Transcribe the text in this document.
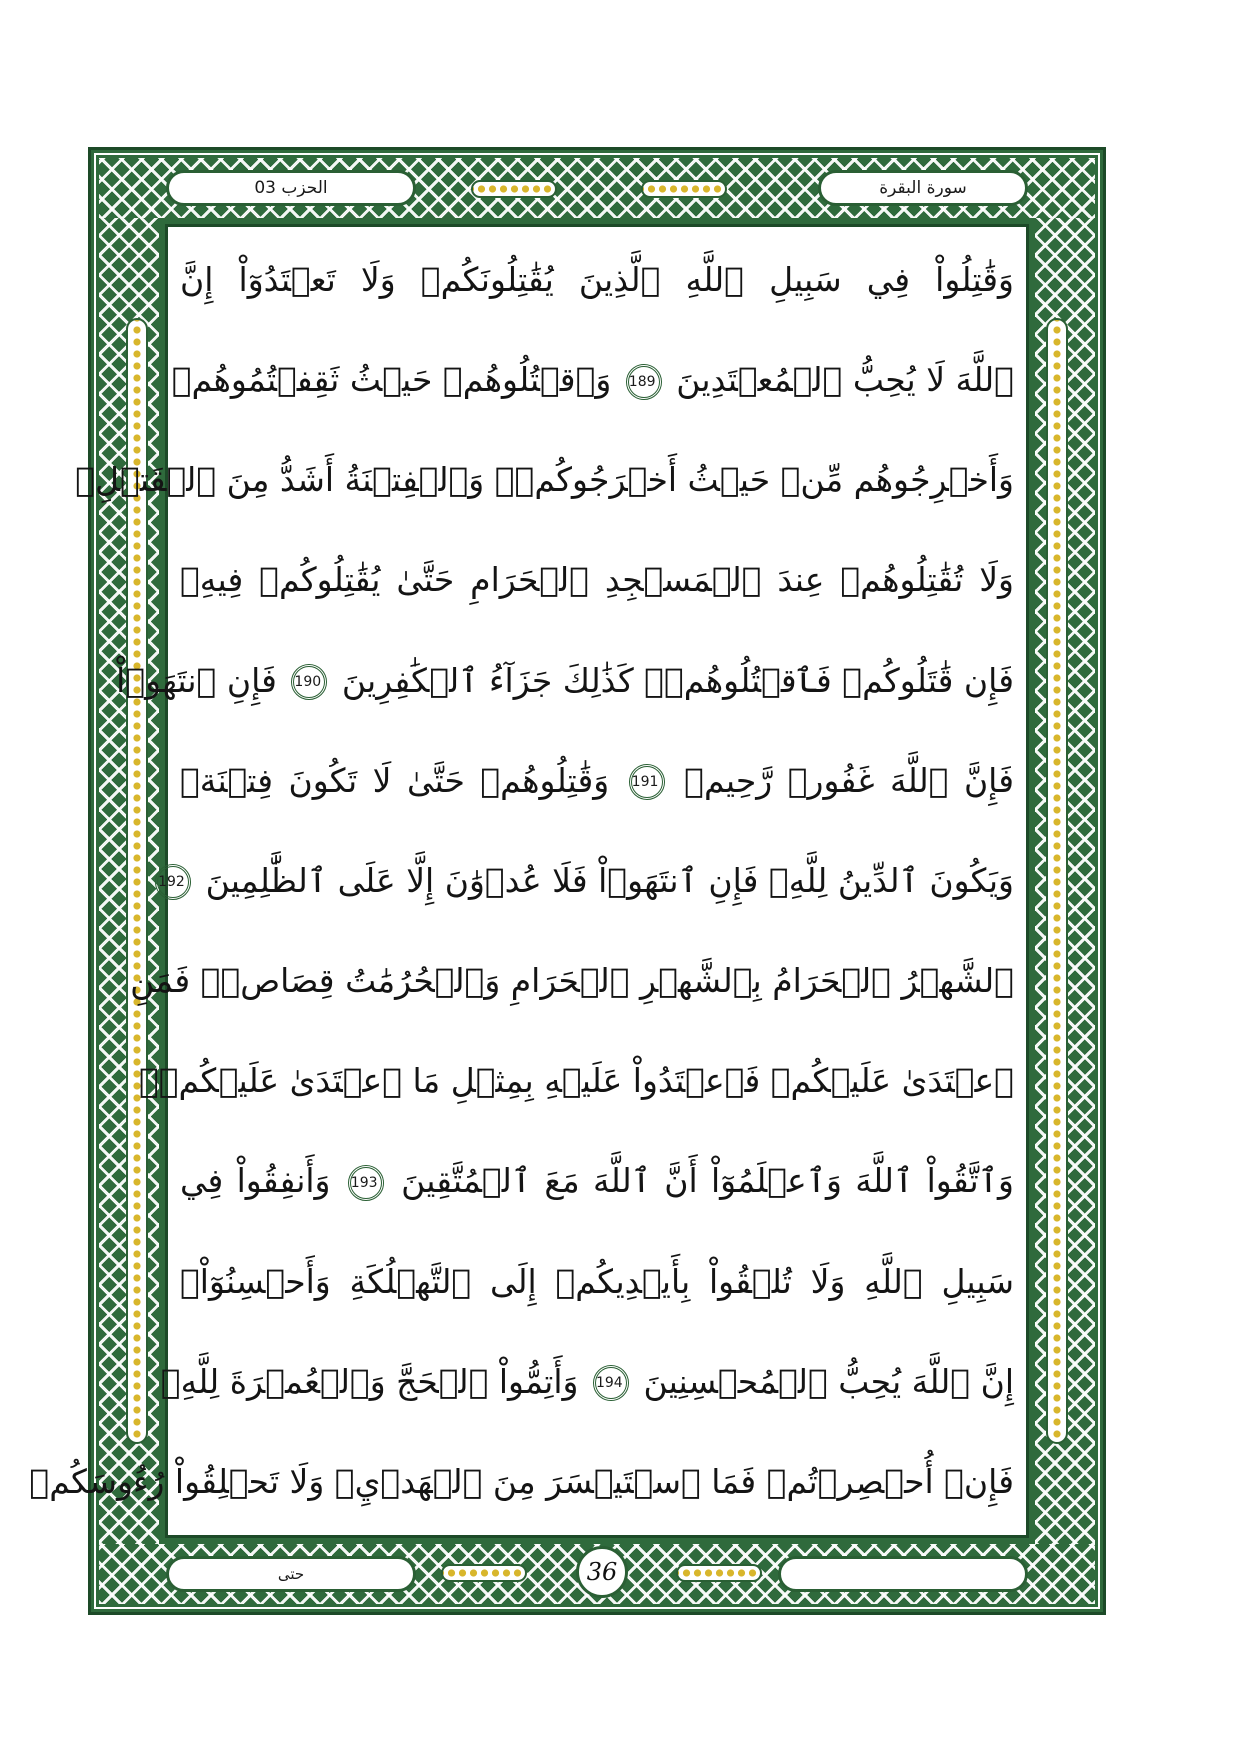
الحزب 03	سورة البقرة
وَقَٰتِلُواْ فِي سَبِيلِ ٱللَّهِ ٱلَّذِينَ يُقَٰتِلُونَكُمۡ وَلَا تَعۡتَدُوٓاْ إِنَّ
ٱللَّهَ لَا يُحِبُّ ٱلۡمُعۡتَدِينَ 189 وَٱقۡتُلُوهُمۡ حَيۡثُ ثَقِفۡتُمُوهُمۡ
وَأَخۡرِجُوهُم مِّنۡ حَيۡثُ أَخۡرَجُوكُمۡۚ وَٱلۡفِتۡنَةُ أَشَدُّ مِنَ ٱلۡقَتۡلِۚ
وَلَا تُقَٰتِلُوهُمۡ عِندَ ٱلۡمَسۡجِدِ ٱلۡحَرَامِ حَتَّىٰ يُقَٰتِلُوكُمۡ فِيهِۖ
فَإِن قَٰتَلُوكُمۡ فَٱقۡتُلُوهُمۡۗ كَذَٰلِكَ جَزَآءُ ٱلۡكَٰفِرِينَ 190 فَإِنِ ٱنتَهَوۡاْ
فَإِنَّ ٱللَّهَ غَفُورٞ رَّحِيمٞ 191 وَقَٰتِلُوهُمۡ حَتَّىٰ لَا تَكُونَ فِتۡنَةٞ
وَيَكُونَ ٱلدِّينُ لِلَّهِۖ فَإِنِ ٱنتَهَوۡاْ فَلَا عُدۡوَٰنَ إِلَّا عَلَى ٱلظَّٰلِمِينَ 192
ٱلشَّهۡرُ ٱلۡحَرَامُ بِٱلشَّهۡرِ ٱلۡحَرَامِ وَٱلۡحُرُمَٰتُ قِصَاصٞۚ فَمَنِ
ٱعۡتَدَىٰ عَلَيۡكُمۡ فَٱعۡتَدُواْ عَلَيۡهِ بِمِثۡلِ مَا ٱعۡتَدَىٰ عَلَيۡكُمۡۚ
وَٱتَّقُواْ ٱللَّهَ وَٱعۡلَمُوٓاْ أَنَّ ٱللَّهَ مَعَ ٱلۡمُتَّقِينَ 193 وَأَنفِقُواْ فِي
سَبِيلِ ٱللَّهِ وَلَا تُلۡقُواْ بِأَيۡدِيكُمۡ إِلَى ٱلتَّهۡلُكَةِ وَأَحۡسِنُوٓاْۚ
إِنَّ ٱللَّهَ يُحِبُّ ٱلۡمُحۡسِنِينَ 194 وَأَتِمُّواْ ٱلۡحَجَّ وَٱلۡعُمۡرَةَ لِلَّهِۚ
فَإِنۡ أُحۡصِرۡتُمۡ فَمَا ٱسۡتَيۡسَرَ مِنَ ٱلۡهَدۡيِۖ وَلَا تَحۡلِقُواْ رُءُوسَكُمۡ
حتى	36
